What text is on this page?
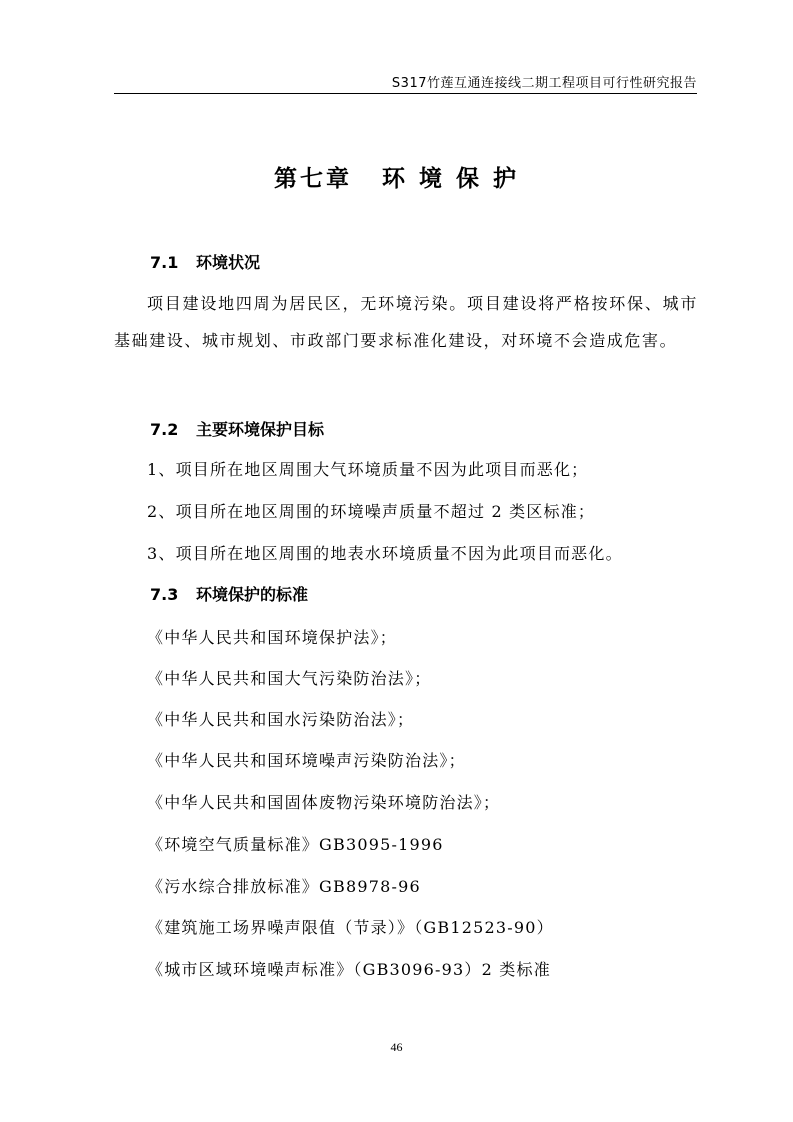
S317竹莲互通连接线二期工程项目可行性研究报告
第七章 环 境 保 护
7.1 环境状况
项目建设地四周为居民区，无环境污染。项目建设将严格按环保、城市基础建设、城市规划、市政部门要求标准化建设，对环境不会造成危害。
7.2 主要环境保护目标
1、项目所在地区周围大气环境质量不因为此项目而恶化；
2、项目所在地区周围的环境噪声质量不超过 2 类区标准；
3、项目所在地区周围的地表水环境质量不因为此项目而恶化。
7.3 环境保护的标准
《中华人民共和国环境保护法》；
《中华人民共和国大气污染防治法》；
《中华人民共和国水污染防治法》；
《中华人民共和国环境噪声污染防治法》；
《中华人民共和国固体废物污染环境防治法》；
《环境空气质量标准》GB3095-1996
《污水综合排放标准》GB8978-96
《建筑施工场界噪声限值（节录）》（GB12523-90）
《城市区域环境噪声标准》（GB3096-93）2 类标准
46
